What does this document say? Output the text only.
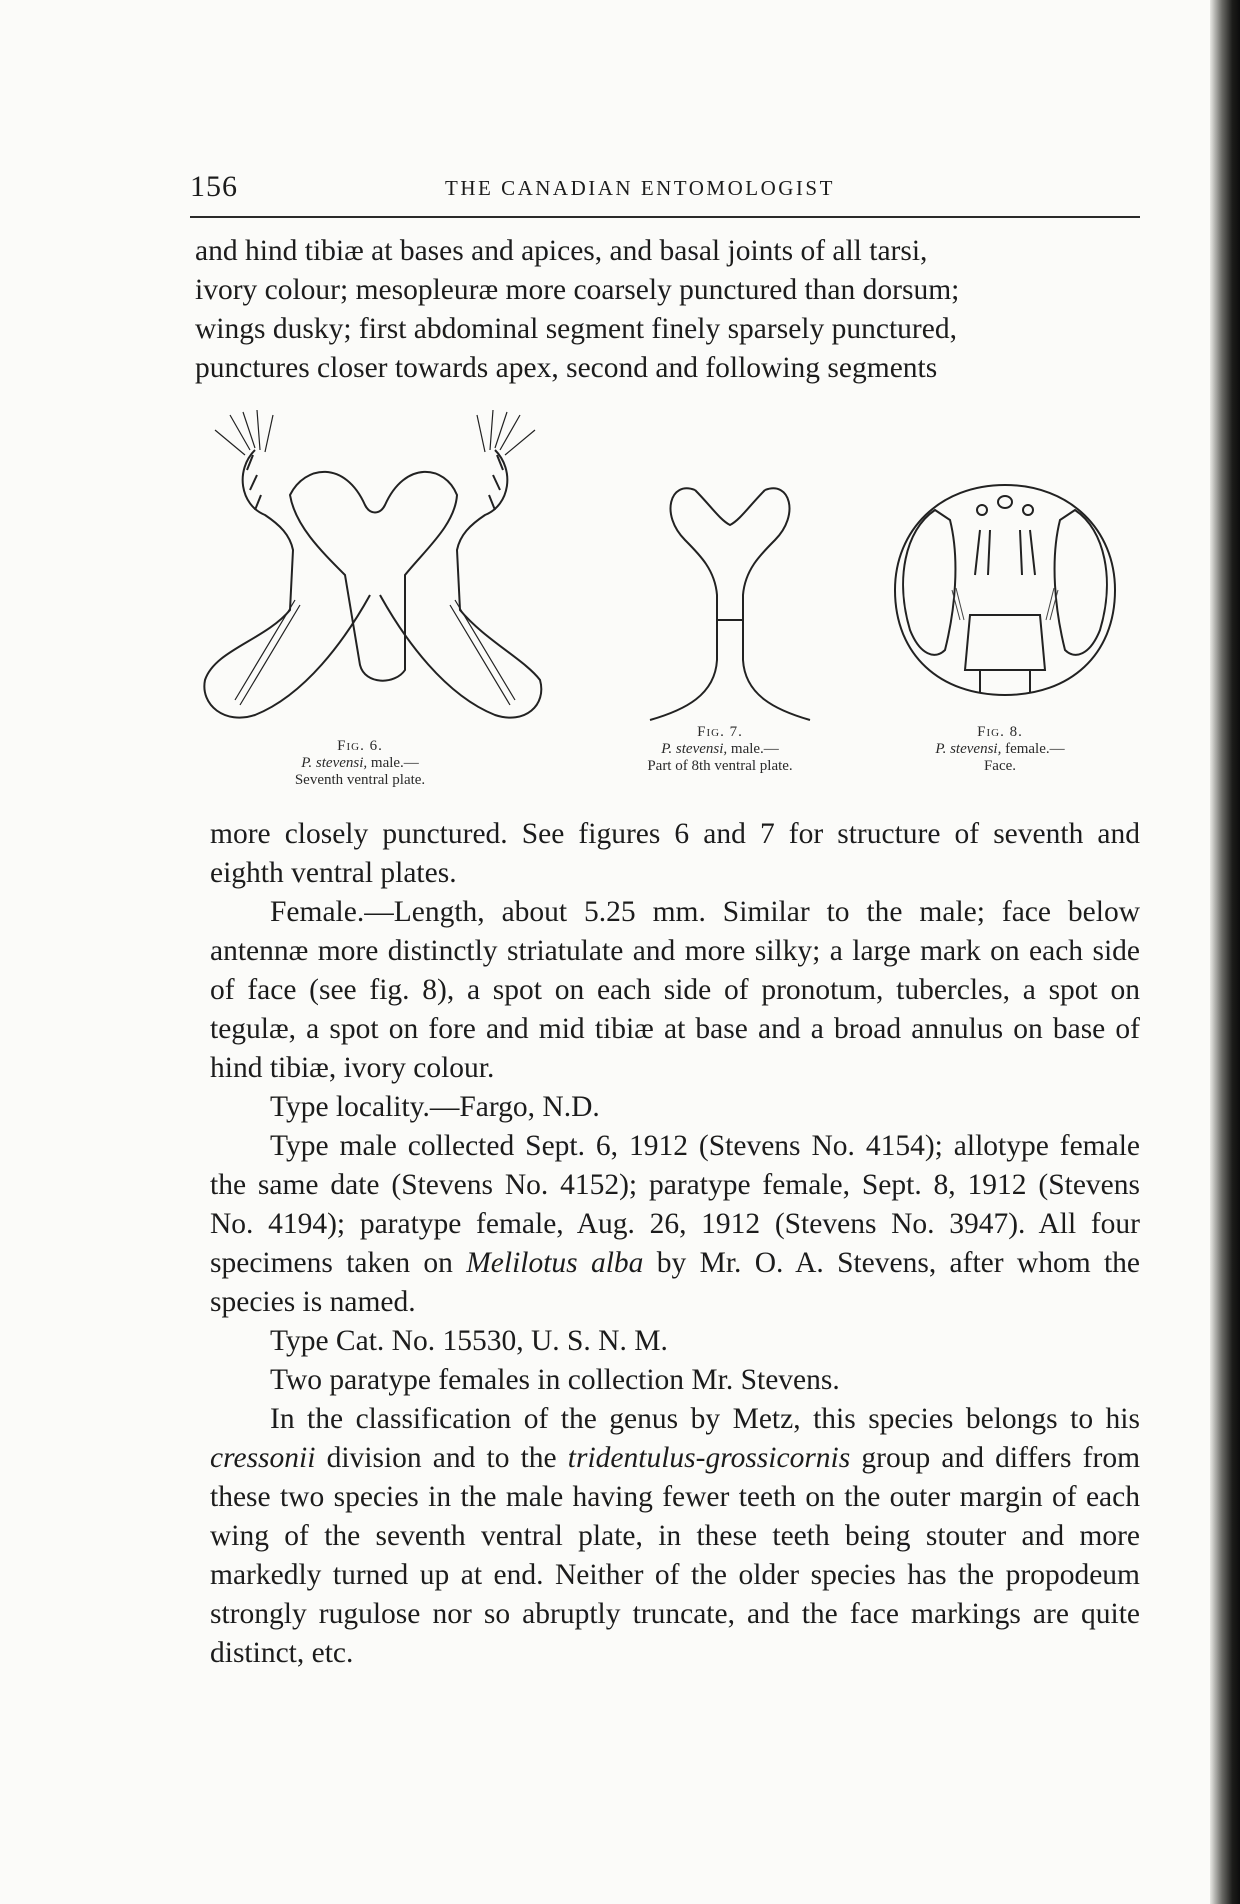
156	THE CANADIAN ENTOMOLOGIST

and hind tibiæ at bases and apices, and basal joints of all tarsi,

ivory colour; mesopleuræ more coarsely punctured than dorsum;

wings dusky; first abdominal segment finely sparsely punctured,

punctures closer towards apex, second and following segments

Fig. 6.
P. stevensi, male.—
Seventh ventral plate.
Fig. 7.
P. stevensi, male.—
Part of 8th ventral plate.
Fig. 8.
P. stevensi, female.—
Face.

more closely punctured. See figures 6 and 7 for structure of seventh and eighth ventral plates.

Female.—Length, about 5.25 mm. Similar to the male; face below antennæ more distinctly striatulate and more silky; a large mark on each side of face (see fig. 8), a spot on each side of pronotum, tubercles, a spot on tegulæ, a spot on fore and mid tibiæ at base and a broad annulus on base of hind tibiæ, ivory colour.

Type locality.—Fargo, N.D.

Type male collected Sept. 6, 1912 (Stevens No. 4154); allotype female the same date (Stevens No. 4152); paratype female, Sept. 8, 1912 (Stevens No. 4194); paratype female, Aug. 26, 1912 (Stevens No. 3947). All four specimens taken on Melilotus alba by Mr. O. A. Stevens, after whom the species is named.

Type Cat. No. 15530, U. S. N. M.

Two paratype females in collection Mr. Stevens.

In the classification of the genus by Metz, this species belongs to his cressonii division and to the tridentulus-grossicornis group and differs from these two species in the male having fewer teeth on the outer margin of each wing of the seventh ventral plate, in these teeth being stouter and more markedly turned up at end. Neither of the older species has the propodeum strongly rugulose nor so abruptly truncate, and the face markings are quite distinct, etc.
